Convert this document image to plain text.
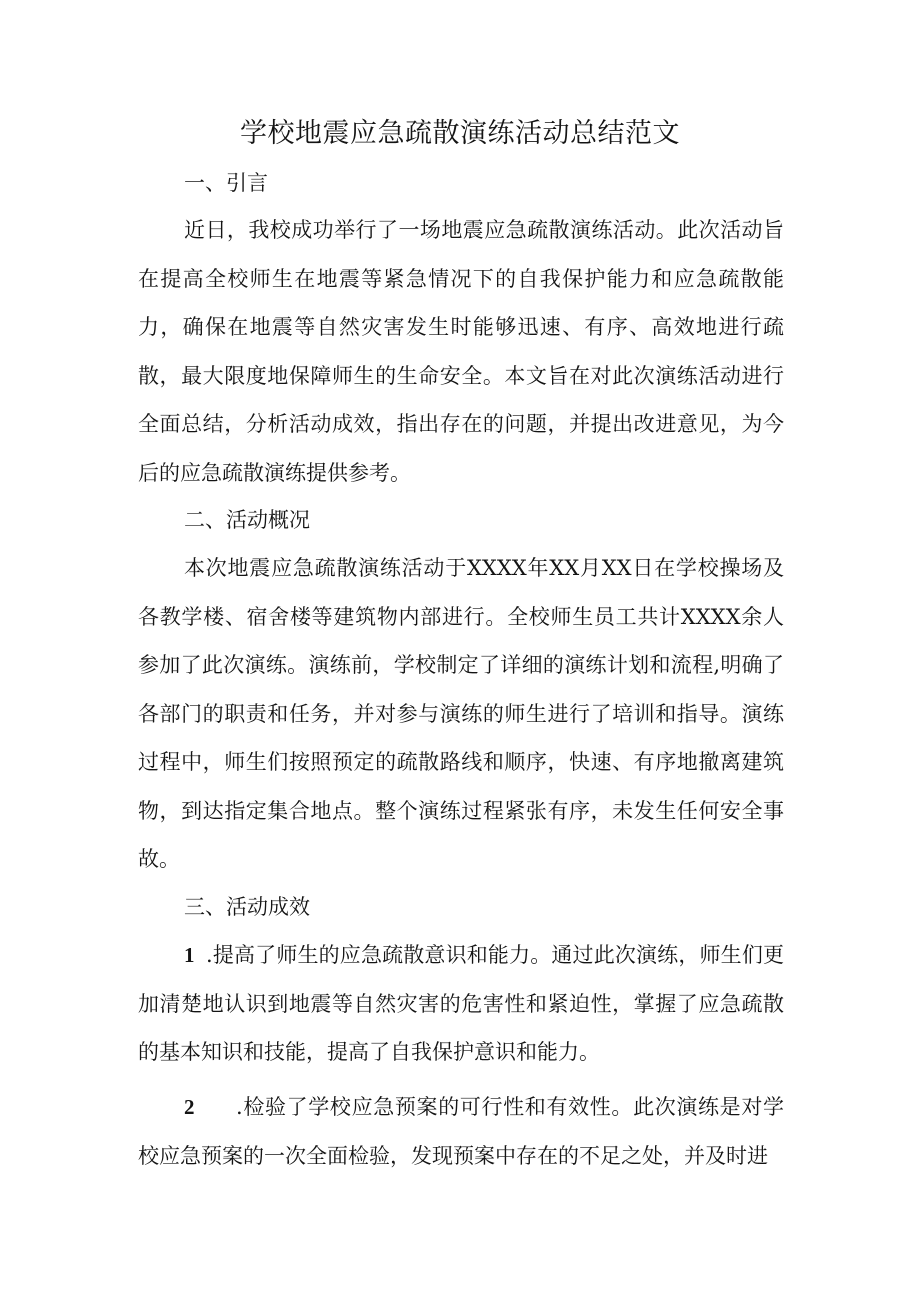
学校地震应急疏散演练活动总结范文
一、引言
近日，我校成功举行了一场地震应急疏散演练活动。此次活动旨在提高全校师生在地震等紧急情况下的自我保护能力和应急疏散能力，确保在地震等自然灾害发生时能够迅速、有序、高效地进行疏散，最大限度地保障师生的生命安全。本文旨在对此次演练活动进行全面总结，分析活动成效，指出存在的问题，并提出改进意见，为今后的应急疏散演练提供参考。
二、活动概况
本次地震应急疏散演练活动于XXXX年XX月XX日在学校操场及各教学楼、宿舍楼等建筑物内部进行。全校师生员工共计XXXX余人参加了此次演练。演练前，学校制定了详细的演练计划和流程,明确了各部门的职责和任务，并对参与演练的师生进行了培训和指导。演练过程中，师生们按照预定的疏散路线和顺序，快速、有序地撤离建筑物，到达指定集合地点。整个演练过程紧张有序，未发生任何安全事故。
三、活动成效
1 .提高了师生的应急疏散意识和能力。通过此次演练，师生们更加清楚地认识到地震等自然灾害的危害性和紧迫性，掌握了应急疏散的基本知识和技能，提高了自我保护意识和能力。
2 .检验了学校应急预案的可行性和有效性。此次演练是对学校应急预案的一次全面检验，发现预案中存在的不足之处，并及时进
